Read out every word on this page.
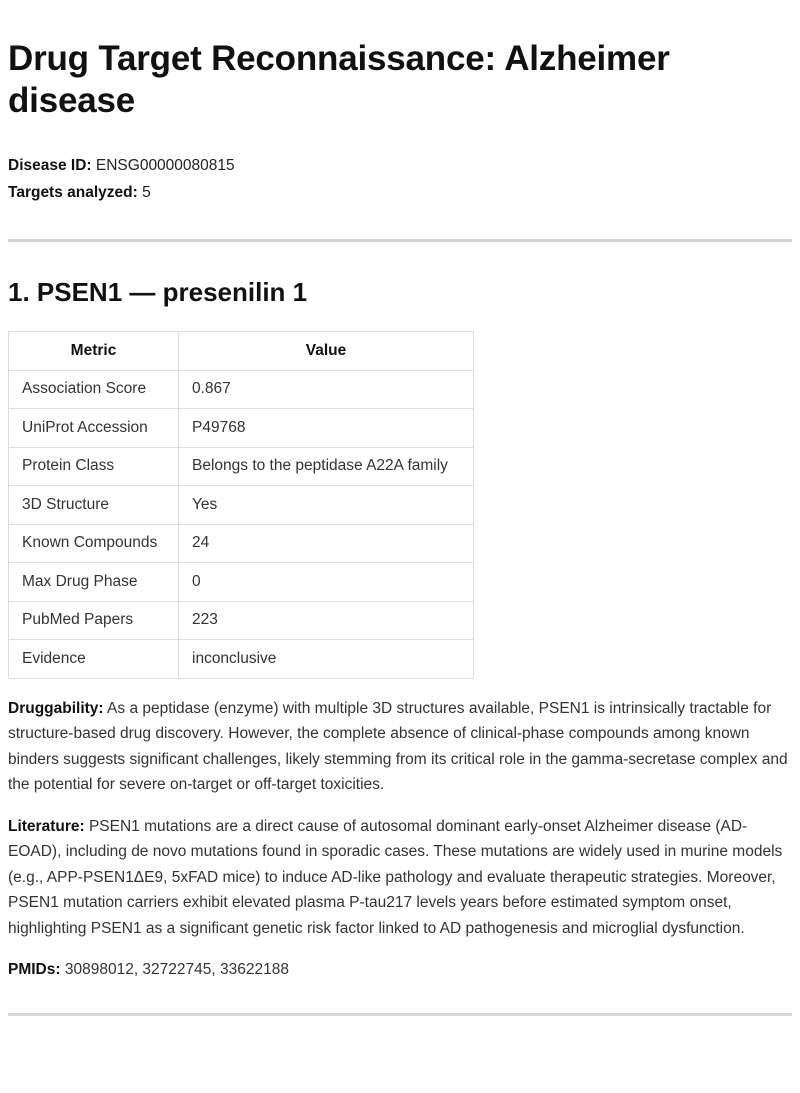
Drug Target Reconnaissance: Alzheimer disease
Disease ID: ENSG00000080815
Targets analyzed: 5
1. PSEN1 — presenilin 1
Metric	Value
Association Score	0.867
UniProt Accession	P49768
Protein Class	Belongs to the peptidase A22A family
3D Structure	Yes
Known Compounds	24
Max Drug Phase	0
PubMed Papers	223
Evidence	inconclusive

Druggability: As a peptidase (enzyme) with multiple 3D structures available, PSEN1 is intrinsically tractable for structure-based drug discovery. However, the complete absence of clinical-phase compounds among known binders suggests significant challenges, likely stemming from its critical role in the gamma-secretase complex and the potential for severe on-target or off-target toxicities.

Literature: PSEN1 mutations are a direct cause of autosomal dominant early-onset Alzheimer disease (AD-EOAD), including de novo mutations found in sporadic cases. These mutations are widely used in murine models (e.g., APP-PSEN1ΔE9, 5xFAD mice) to induce AD-like pathology and evaluate therapeutic strategies. Moreover, PSEN1 mutation carriers exhibit elevated plasma P-tau217 levels years before estimated symptom onset, highlighting PSEN1 as a significant genetic risk factor linked to AD pathogenesis and microglial dysfunction.

PMIDs: 30898012, 32722745, 33622188
